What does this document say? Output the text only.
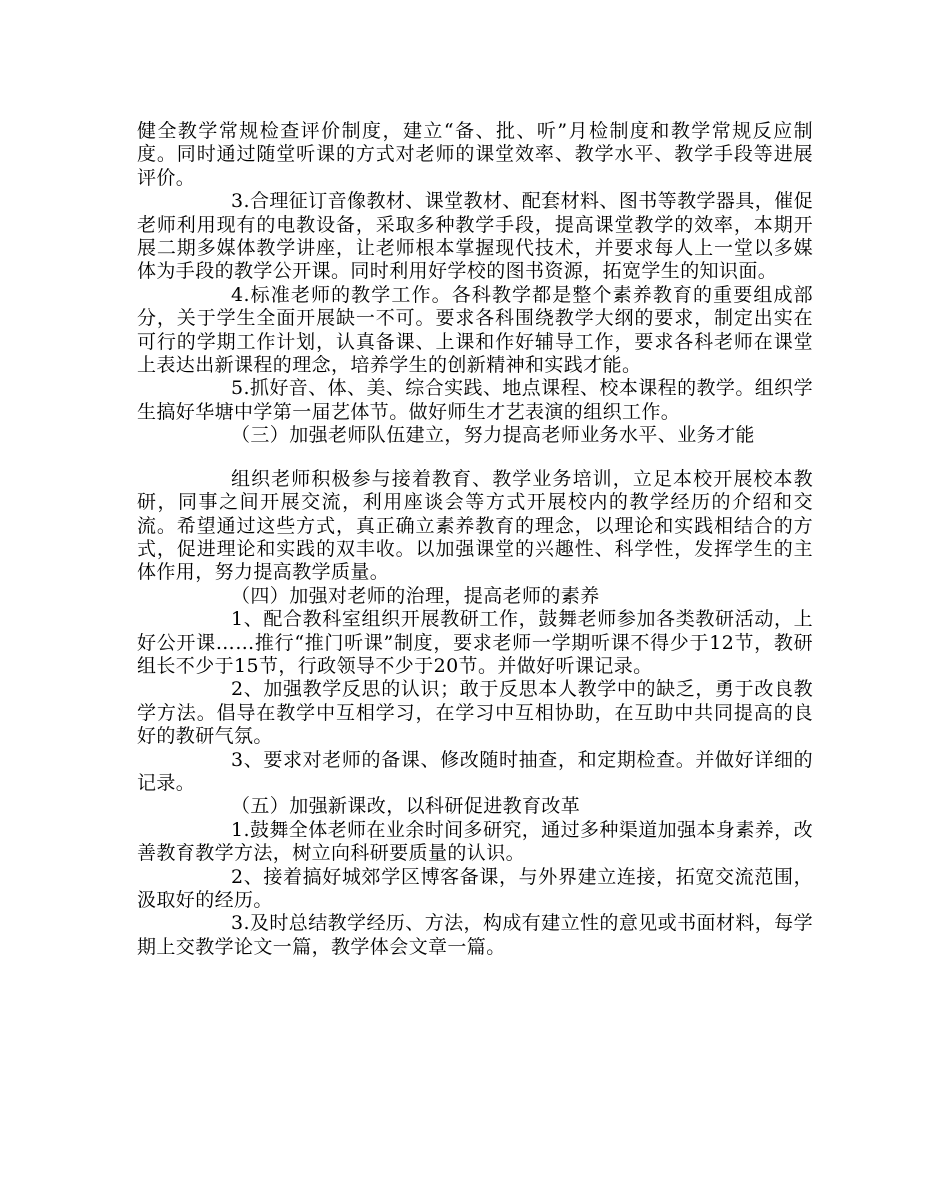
健全教学常规检查评价制度，建立“备、批、听”月检制度和教学常规反应制度。同时通过随堂听课的方式对老师的课堂效率、教学水平、教学手段等进展评价。

3.合理征订音像教材、课堂教材、配套材料、图书等教学器具，催促老师利用现有的电教设备，采取多种教学手段，提高课堂教学的效率，本期开展二期多媒体教学讲座，让老师根本掌握现代技术，并要求每人上一堂以多媒体为手段的教学公开课。同时利用好学校的图书资源，拓宽学生的知识面。

4.标准老师的教学工作。各科教学都是整个素养教育的重要组成部分，关于学生全面开展缺一不可。要求各科围绕教学大纲的要求，制定出实在可行的学期工作计划，认真备课、上课和作好辅导工作，要求各科老师在课堂上表达出新课程的理念，培养学生的创新精神和实践才能。

5.抓好音、体、美、综合实践、地点课程、校本课程的教学。组织学生搞好华塘中学第一届艺体节。做好师生才艺表演的组织工作。

（三）加强老师队伍建立，努力提高老师业务水平、业务才能

组织老师积极参与接着教育、教学业务培训，立足本校开展校本教研，同事之间开展交流，利用座谈会等方式开展校内的教学经历的介绍和交流。希望通过这些方式，真正确立素养教育的理念，以理论和实践相结合的方式，促进理论和实践的双丰收。以加强课堂的兴趣性、科学性，发挥学生的主体作用，努力提高教学质量。

（四）加强对老师的治理，提高老师的素养

1、配合教科室组织开展教研工作，鼓舞老师参加各类教研活动，上好公开课……推行“推门听课”制度，要求老师一学期听课不得少于12节，教研组长不少于15节，行政领导不少于20节。并做好听课记录。

2、加强教学反思的认识；敢于反思本人教学中的缺乏，勇于改良教学方法。倡导在教学中互相学习，在学习中互相协助，在互助中共同提高的良好的教研气氛。

3、要求对老师的备课、修改随时抽查，和定期检查。并做好详细的记录。

（五）加强新课改，以科研促进教育改革

1.鼓舞全体老师在业余时间多研究，通过多种渠道加强本身素养，改善教育教学方法，树立向科研要质量的认识。

2、接着搞好城郊学区博客备课，与外界建立连接，拓宽交流范围，汲取好的经历。

3.及时总结教学经历、方法，构成有建立性的意见或书面材料，每学期上交教学论文一篇，教学体会文章一篇。
